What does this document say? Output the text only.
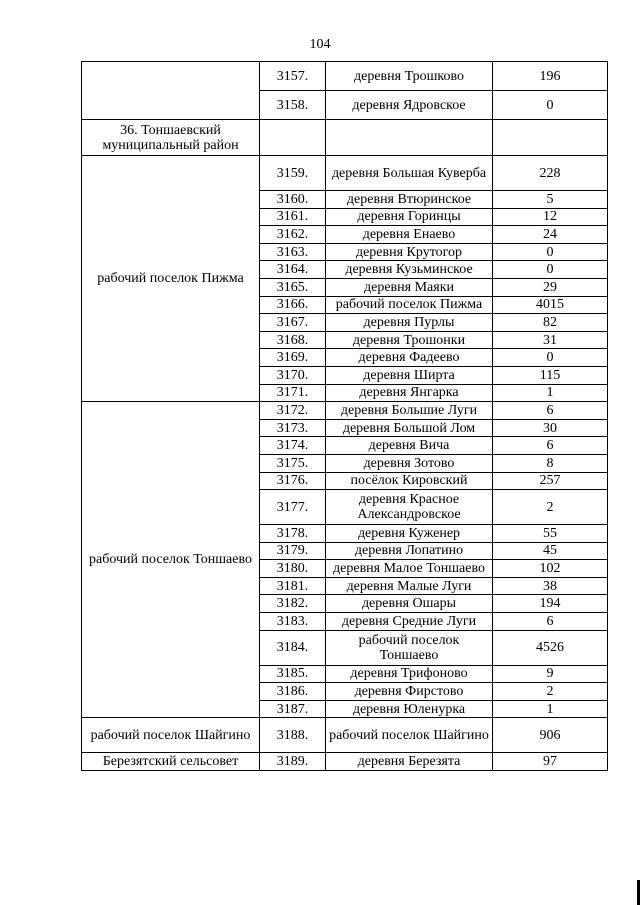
104
	3157.	деревня Трошково	196
	3158.	деревня Ядровское	0
36. Тоншаевский муниципальный район			
рабочий поселок Пижма	3159.	деревня Большая Куверба	228
	3160.	деревня Втюринское	5
	3161.	деревня Горинцы	12
	3162.	деревня Енаево	24
	3163.	деревня Крутогор	0
	3164.	деревня Кузьминское	0
	3165.	деревня Маяки	29
	3166.	рабочий поселок Пижма	4015
	3167.	деревня Пурлы	82
	3168.	деревня Трошонки	31
	3169.	деревня Фадеево	0
	3170.	деревня Ширта	115
	3171.	деревня Янгарка	1
рабочий поселок Тоншаево	3172.	деревня Большие Луги	6
	3173.	деревня Большой Лом	30
	3174.	деревня Вича	6
	3175.	деревня Зотово	8
	3176.	посёлок Кировский	257
	3177.	деревня Красное Александровское	2
	3178.	деревня Куженер	55
	3179.	деревня Лопатино	45
	3180.	деревня Малое Тоншаево	102
	3181.	деревня Малые Луги	38
	3182.	деревня Ошары	194
	3183.	деревня Средние Луги	6
	3184.	рабочий поселок Тоншаево	4526
	3185.	деревня Трифоново	9
	3186.	деревня Фирстово	2
	3187.	деревня Юленурка	1
рабочий поселок Шайгино	3188.	рабочий поселок Шайгино	906
Березятский сельсовет	3189.	деревня Березята	97
